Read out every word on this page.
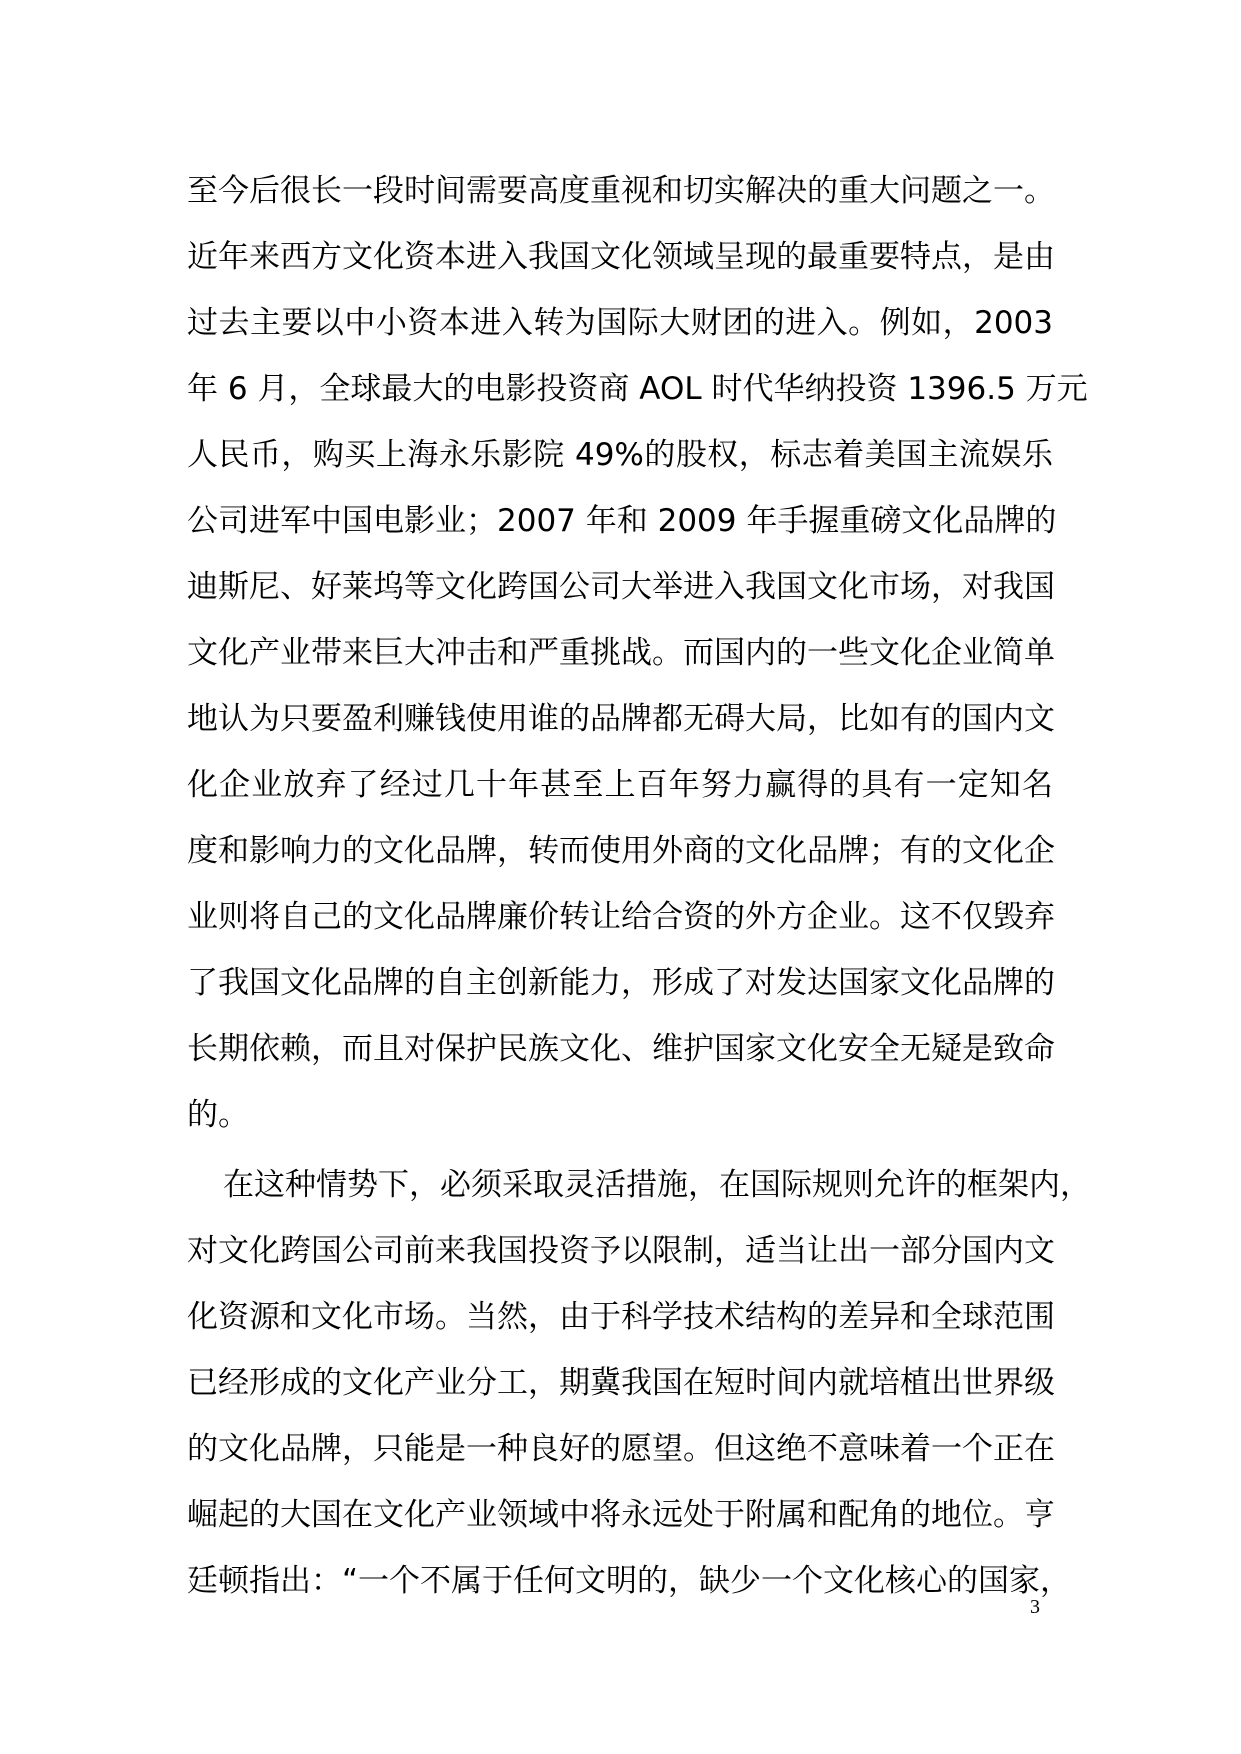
至今后很长一段时间需要高度重视和切实解决的重大问题之一。
近年来西方文化资本进入我国文化领域呈现的最重要特点，是由
过去主要以中小资本进入转为国际大财团的进入。例如，2003
年 6 月，全球最大的电影投资商 AOL 时代华纳投资 1396.5 万元
人民币，购买上海永乐影院 49%的股权，标志着美国主流娱乐
公司进军中国电影业；2007 年和 2009 年手握重磅文化品牌的
迪斯尼、好莱坞等文化跨国公司大举进入我国文化市场，对我国
文化产业带来巨大冲击和严重挑战。而国内的一些文化企业简单
地认为只要盈利赚钱使用谁的品牌都无碍大局，比如有的国内文
化企业放弃了经过几十年甚至上百年努力赢得的具有一定知名
度和影响力的文化品牌，转而使用外商的文化品牌；有的文化企
业则将自己的文化品牌廉价转让给合资的外方企业。这不仅毁弃
了我国文化品牌的自主创新能力，形成了对发达国家文化品牌的
长期依赖，而且对保护民族文化、维护国家文化安全无疑是致命
的。
在这种情势下，必须采取灵活措施，在国际规则允许的框架内，
对文化跨国公司前来我国投资予以限制，适当让出一部分国内文
化资源和文化市场。当然，由于科学技术结构的差异和全球范围
已经形成的文化产业分工，期冀我国在短时间内就培植出世界级
的文化品牌，只能是一种良好的愿望。但这绝不意味着一个正在
崛起的大国在文化产业领域中将永远处于附属和配角的地位。亨
廷顿指出：“一个不属于任何文明的，缺少一个文化核心的国家，
3
